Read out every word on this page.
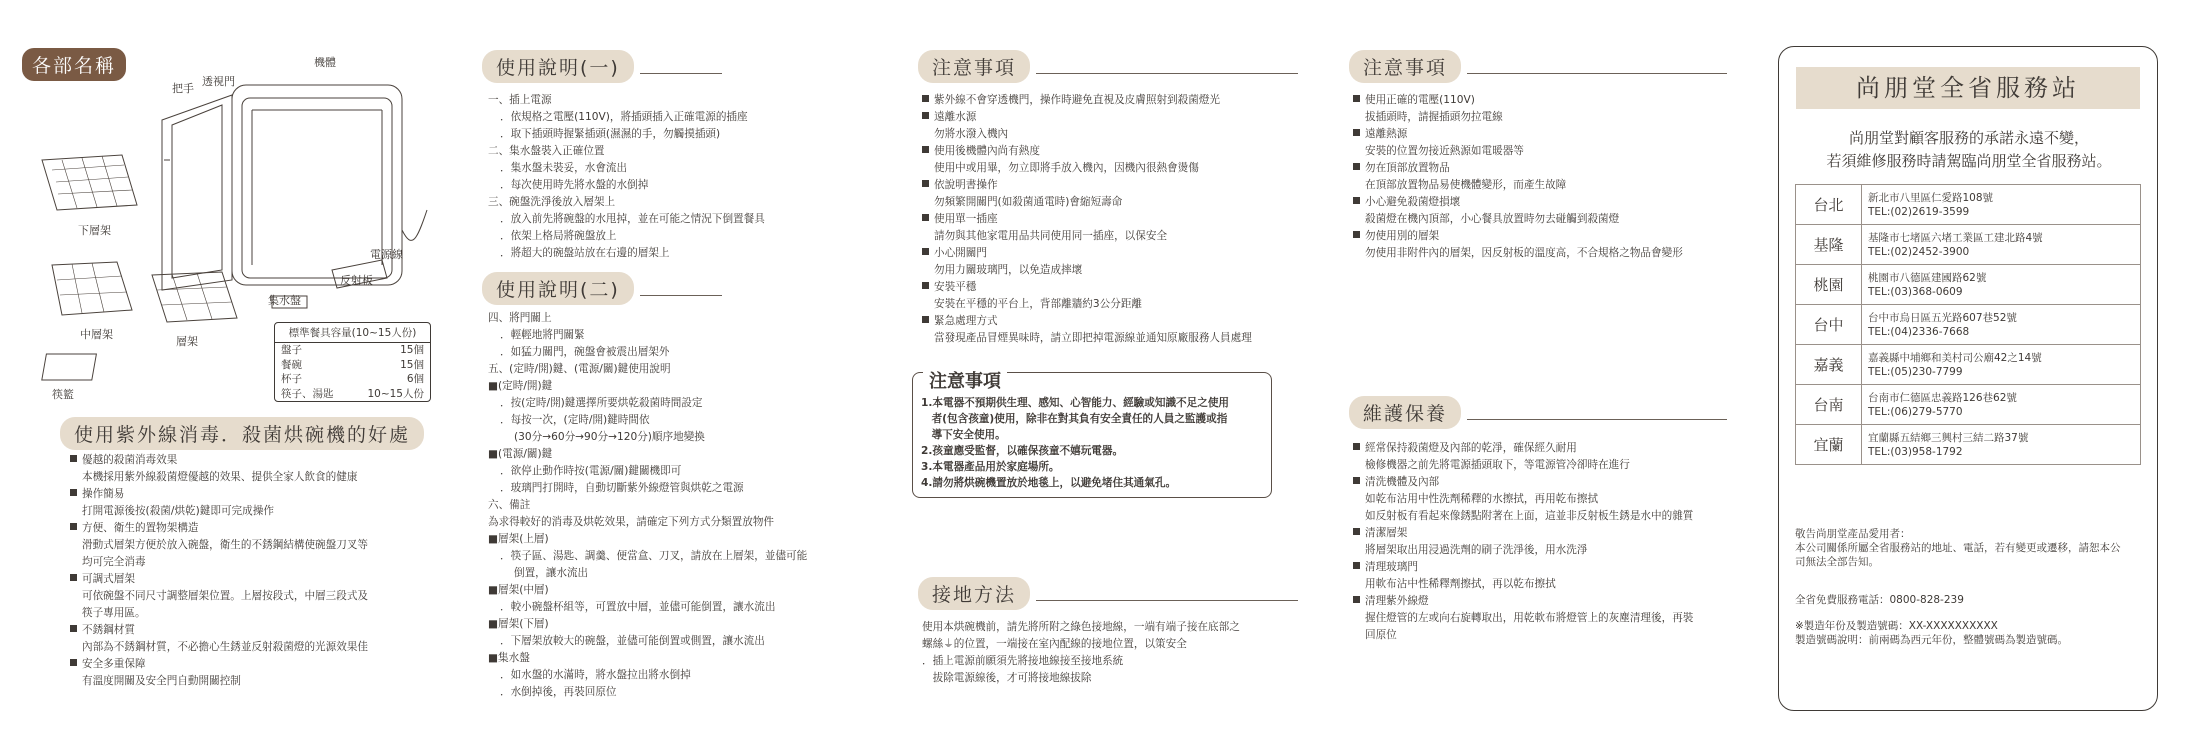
各部名稱
把手
透視門
機體
下層架
電源線
反射板
集水盤
中層架
層架
筷籃
標準餐具容量(10~15人份)
盤子	15個
餐碗	15個
杯子	6個
筷子、湯匙	10~15人份
使用紫外線消毒．殺菌烘碗機的好處

優越的殺菌消毒效果

本機採用紫外線殺菌燈優越的效果、提供全家人飲食的健康

操作簡易

打開電源後按(殺菌/烘乾)鍵即可完成操作

方便、衛生的置物架構造

滑動式層架方便於放入碗盤，衛生的不銹鋼結構使碗盤刀叉等

均可完全消毒

可調式層架

可依碗盤不同尺寸調整層架位置。上層按段式，中層三段式及

筷子專用區。

不銹鋼材質

內部為不銹鋼材質，不必擔心生銹並反射殺菌燈的光源效果佳

安全多重保障

有溫度開關及安全門自動開關控制

使用說明(一)

一、插上電源

．依規格之電壓(110V)，將插頭插入正確電源的插座

．取下插頭時握緊插頭(濕濕的手，勿觸摸插頭)

二、集水盤裝入正確位置

．集水盤未裝妥，水會流出

．每次使用時先將水盤的水倒掉

三、碗盤洗淨後放入層架上

．放入前先將碗盤的水甩掉，並在可能之情況下倒置餐具

．依架上格局將碗盤放上

．將超大的碗盤站放在右邊的層架上

使用說明(二)

四、將門關上

．輕輕地將門關緊

．如猛力關門，碗盤會被震出層架外

五、(定時/開)鍵、(電源/關)鍵使用說明

■(定時/開)鍵

．按(定時/開)鍵選擇所要烘乾殺菌時間設定

．每按一次，(定時/開)鍵時間依

(30分→60分→90分→120分)順序地變換

■(電源/關)鍵

．欲停止動作時按(電源/關)鍵關機即可

．玻璃門打開時，自動切斷紫外線燈管與烘乾之電源

六、備註

為求得較好的消毒及烘乾效果，請確定下列方式分類置放物件

■層架(上層)

．筷子區、湯匙、調羹、便當盒、刀叉，請放在上層架，並儘可能

倒置，讓水流出

■層架(中層)

．較小碗盤杯組等，可置放中層，並儘可能倒置，讓水流出

■層架(下層)

．下層架放較大的碗盤，並儘可能倒置或側置，讓水流出

■集水盤

．如水盤的水滿時，將水盤拉出將水倒掉

．水倒掉後，再裝回原位

注意事項

紫外線不會穿透機門，操作時避免直視及皮膚照射到殺菌燈光

遠離水源

勿將水潑入機內

使用後機體內尚有熱度

使用中或用畢，勿立即將手放入機內，因機內很熱會燙傷

依說明書操作

勿頻繁開關門(如殺菌通電時)會縮短壽命

使用單一插座

請勿與其他家電用品共同使用同一插座，以保安全

小心開關門

勿用力關玻璃門，以免造成摔壞

安裝平穩

安裝在平穩的平台上，背部離牆約3公分距離

緊急處理方式

當發現產品冒煙異味時，請立即把掉電源線並通知原廠服務人員處理

注意事項

1.本電器不預期供生理、感知、心智能力、經驗或知識不足之使用

　者(包含孩童)使用，除非在對其負有安全責任的人員之監護或指

　導下安全使用。

2.孩童應受監督，以確保孩童不嬉玩電器。

3.本電器產品用於家庭場所。

4.請勿將烘碗機置放於地毯上，以避免堵住其通氣孔。

接地方法

使用本烘碗機前，請先將所附之綠色接地線，一端有端子接在底部之

螺絲⏚的位置，一端接在室內配線的接地位置，以策安全

．插上電源前願須先將接地線接至接地系統

　拔除電源線後，才可將接地線拔除

注意事項

使用正確的電壓(110V)

拔插頭時，請握插頭勿拉電線

遠離熱源

安裝的位置勿接近熱源如電暖器等

勿在頂部放置物品

在頂部放置物品易使機體變形，而產生故障

小心避免殺菌燈損壞

殺菌燈在機內頂部，小心餐具放置時勿去碰觸到殺菌燈

勿使用別的層架

勿使用非附件內的層架，因反射板的溫度高，不合規格之物品會變形

維護保養

經常保持殺菌燈及內部的乾淨，確保經久耐用

檢修機器之前先將電源插頭取下，等電源管冷卻時在進行

清洗機體及內部

如乾布沾用中性洗劑稀釋的水擦拭，再用乾布擦拭

如反射板有看起來像銹點附著在上面，這並非反射板生銹是水中的雜質

清潔層架

將層架取出用浸過洗劑的刷子洗淨後，用水洗淨

清理玻璃門

用軟布沾中性稀釋劑擦拭，再以乾布擦拭

清理紫外線燈

握住燈管的左或向右旋轉取出，用乾軟布將燈管上的灰塵清理後，再裝

回原位

尚朋堂全省服務站
尚朋堂對顧客服務的承諾永遠不變，
若須維修服務時請駕臨尚朋堂全省服務站。
台北	新北市八里區仁愛路108號
TEL:(02)2619-3599

基隆	基隆市七堵區六堵工業區工建北路4號
TEL:(02)2452-3900

桃園	桃園市八德區建國路62號
TEL:(03)368-0609

台中	台中市烏日區五光路607巷52號
TEL:(04)2336-7668

嘉義	嘉義縣中埔鄉和美村司公廟42之14號
TEL:(05)230-7799

台南	台南市仁德區忠義路126巷62號
TEL:(06)279-5770

宜蘭	宜蘭縣五結鄉三興村三結二路37號
TEL:(03)958-1792
敬告尚朋堂產品愛用者：
本公司關係所屬全省服務站的地址、電話，若有變更或遷移，請恕本公
司無法全部告知。
全省免費服務電話：0800-828-239
※製造年份及製造號碼：XX-XXXXXXXXXX
製造號碼說明：前兩碼為西元年份，整體號碼為製造號碼。
